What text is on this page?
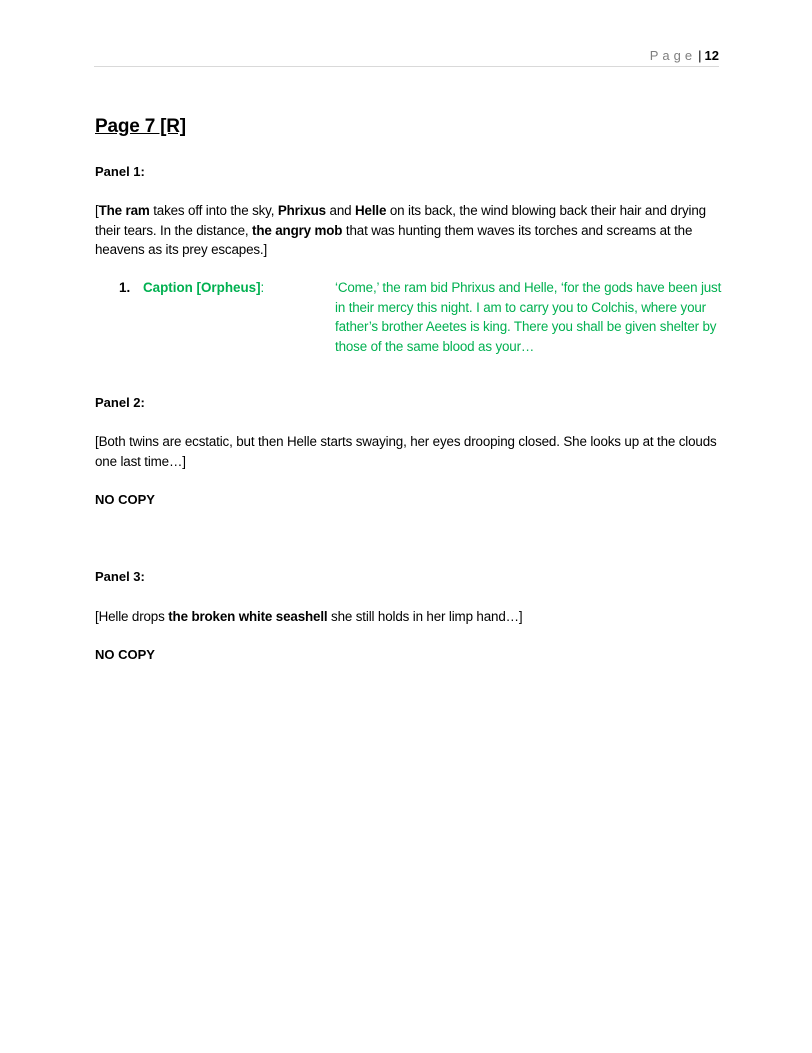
Page | 12
Page 7 [R]

Panel 1:

[The ram takes off into the sky, Phrixus and Helle on its back, the wind blowing back their hair and drying their tears. In the distance, the angry mob that was hunting them waves its torches and screams at the heavens as its prey escapes.]

1. Caption [Orpheus]:	‘Come,’ the ram bid Phrixus and Helle, ‘for the gods have been just in their mercy this night. I am to carry you to Colchis, where your father’s brother Aeetes is king. There you shall be given shelter by those of the same blood as your…

Panel 2:

[Both twins are ecstatic, but then Helle starts swaying, her eyes drooping closed. She looks up at the clouds one last time…]

NO COPY

Panel 3:

[Helle drops the broken white seashell she still holds in her limp hand…]

NO COPY
